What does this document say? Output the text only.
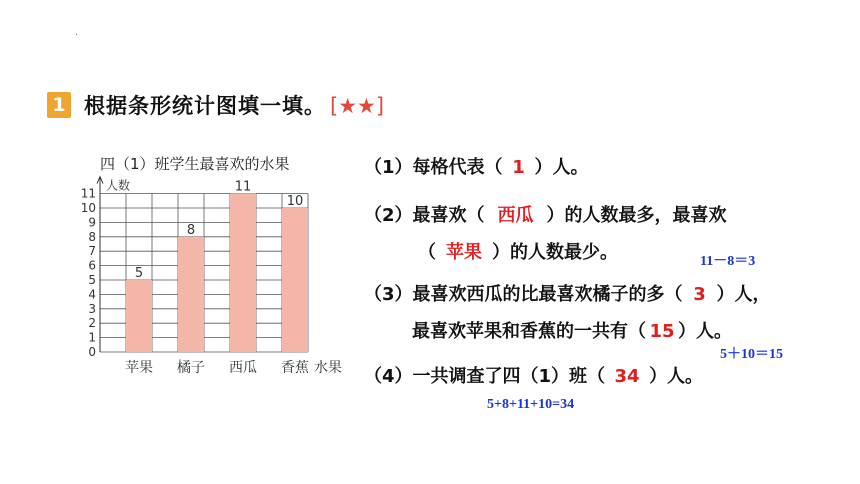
·
1 根据条形统计图填一填。 [★★]
四（1）班学生最喜欢的水果
5
苹果
8
橘子
11
西瓜
10
香蕉
0
1
2
3
4
5
6
7
8
9
10
11
人数
水果
（1）每格代表（ 1 ）人。
（2）最喜欢（ 西瓜 ）的人数最多，最喜欢
（ 苹果 ）的人数最少。	11－8＝3
（3）最喜欢西瓜的比最喜欢橘子的多（ 3 ）人，
最喜欢苹果和香蕉的一共有（ 15 ）人。
5＋10＝15
（4）一共调查了四（1）班（ 34 ）人。
5+8+11+10=34
